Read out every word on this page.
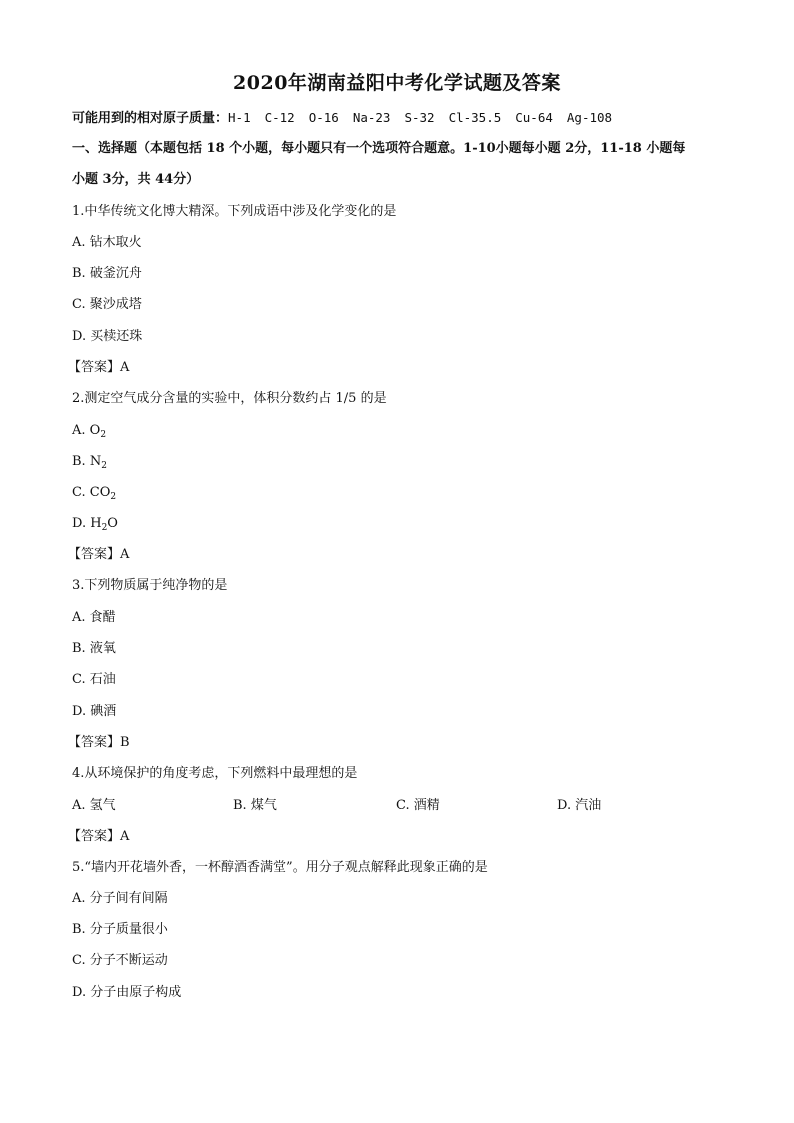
2020年湖南益阳中考化学试题及答案
可能用到的相对原子质量：H-1 C-12 O-16 Na-23 S-32 Cl-35.5 Cu-64 Ag-108
一、选择题（本题包括 18 个小题，每小题只有一个选项符合题意。1-10小题每小题 2分，11-18 小题每
小题 3分，共 44分）
1.中华传统文化博大精深。下列成语中涉及化学变化的是
A. 钻木取火
B. 破釜沉舟
C. 聚沙成塔
D. 买椟还珠
【答案】A
2.测定空气成分含量的实验中，体积分数约占 1/5 的是
A. $O_2$
B. $N_2$
C. $CO_2$
D. $H_2O$
【答案】A
3.下列物质属于纯净物的是
A. 食醋
B. 液氧
C. 石油
D. 碘酒
【答案】B
4.从环境保护的角度考虑，下列燃料中最理想的是
A. 氢气	B. 煤气	C. 酒精	D. 汽油
【答案】A
5.“墙内开花墙外香，一杯醇酒香满堂”。用分子观点解释此现象正确的是
A. 分子间有间隔
B. 分子质量很小
C. 分子不断运动
D. 分子由原子构成
